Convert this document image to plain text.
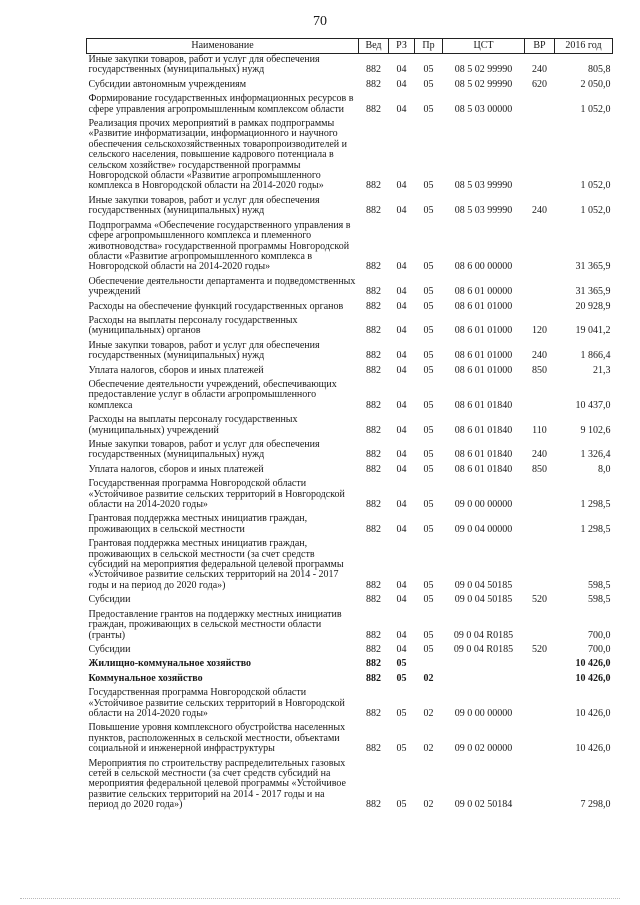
70
Наименование	Вед	РЗ	Пр	ЦСТ	ВР	2016 год
Иные закупки товаров, работ и услуг для обеспечения государственных (муниципальных) нужд	882	04	05	08 5 02 99990	240	805,8
Субсидии автономным учреждениям	882	04	05	08 5 02 99990	620	2 050,0
Формирование государственных информационных ресурсов в сфере управления агропромышленным комплексом области	882	04	05	08 5 03 00000		1 052,0
Реализация прочих мероприятий в рамках подпрограммы «Развитие информатизации, информационного и научного обеспечения сельскохозяйственных товаропроизводителей и сельского населения, повышение кадрового потенциала в сельском хозяйстве» государственной программы Новгородской области «Развитие агропромышленного комплекса в Новгородской области на 2014-2020 годы»	882	04	05	08 5 03 99990		1 052,0
Иные закупки товаров, работ и услуг для обеспечения государственных (муниципальных) нужд	882	04	05	08 5 03 99990	240	1 052,0
Подпрограмма «Обеспечение государственного управления в сфере агропромышленного комплекса и племенного животноводства» государственной программы Новгородской области «Развитие агропромышленного комплекса в Новгородской области на 2014-2020 годы»	882	04	05	08 6 00 00000		31 365,9
Обеспечение деятельности департамента и подведомственных учреждений	882	04	05	08 6 01 00000		31 365,9
Расходы на обеспечение функций государственных органов	882	04	05	08 6 01 01000		20 928,9
Расходы на выплаты персоналу государственных (муниципальных) органов	882	04	05	08 6 01 01000	120	19 041,2
Иные закупки товаров, работ и услуг для обеспечения государственных (муниципальных) нужд	882	04	05	08 6 01 01000	240	1 866,4
Уплата налогов, сборов и иных платежей	882	04	05	08 6 01 01000	850	21,3
Обеспечение деятельности учреждений, обеспечивающих предоставление услуг в области агропромышленного комплекса	882	04	05	08 6 01 01840		10 437,0
Расходы на выплаты персоналу государственных (муниципальных) учреждений	882	04	05	08 6 01 01840	110	9 102,6
Иные закупки товаров, работ и услуг для обеспечения государственных (муниципальных) нужд	882	04	05	08 6 01 01840	240	1 326,4
Уплата налогов, сборов и иных платежей	882	04	05	08 6 01 01840	850	8,0
Государственная программа Новгородской области «Устойчивое развитие сельских территорий в Новгородской области на 2014-2020 годы»	882	04	05	09 0 00 00000		1 298,5
Грантовая поддержка местных инициатив граждан, проживающих в сельской местности	882	04	05	09 0 04 00000		1 298,5
Грантовая поддержка местных инициатив граждан, проживающих в сельской местности (за счет средств субсидий на мероприятия федеральной целевой программы «Устойчивое развитие сельских территорий на 2014 - 2017 годы и на период до 2020 года»)	882	04	05	09 0 04 50185		598,5
Субсидии	882	04	05	09 0 04 50185	520	598,5
Предоставление грантов на поддержку местных инициатив граждан, проживающих в сельской местности области (гранты)	882	04	05	09 0 04 R0185		700,0
Субсидии	882	04	05	09 0 04 R0185	520	700,0
Жилищно-коммунальное хозяйство	882	05				10 426,0
Коммунальное хозяйство	882	05	02			10 426,0
Государственная программа Новгородской области «Устойчивое развитие сельских территорий в Новгородской области на 2014-2020 годы»	882	05	02	09 0 00 00000		10 426,0
Повышение уровня комплексного обустройства населенных пунктов, расположенных в сельской местности, объектами социальной и инженерной инфраструктуры	882	05	02	09 0 02 00000		10 426,0
Мероприятия по строительству распределительных газовых сетей в сельской местности (за счет средств субсидий на мероприятия федеральной целевой программы «Устойчивое развитие сельских территорий на 2014 - 2017 годы и на период до 2020 года»)	882	05	02	09 0 02 50184		7 298,0
